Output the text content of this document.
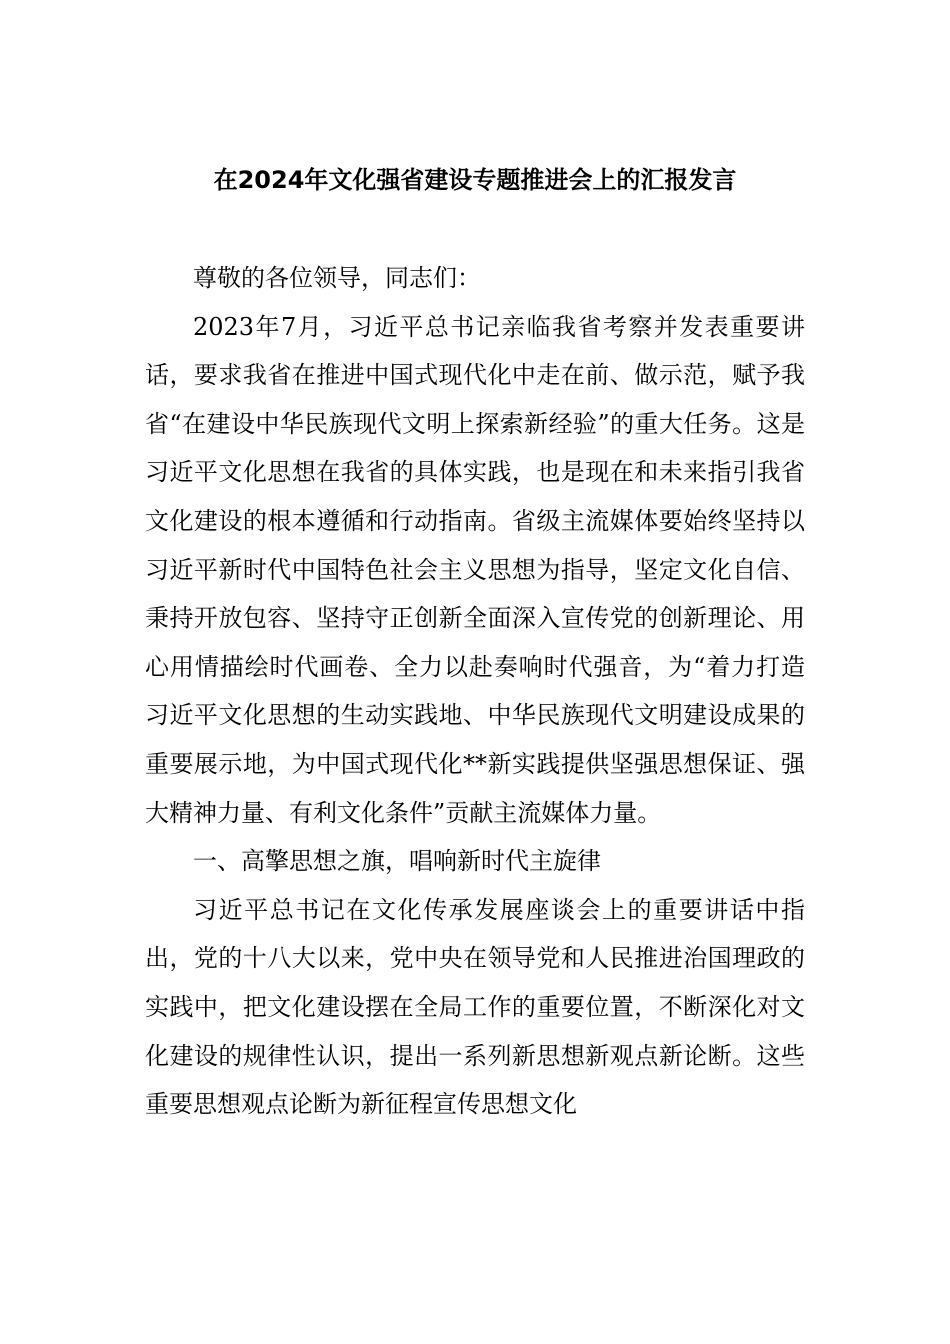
在2024年文化强省建设专题推进会上的汇报发言

尊敬的各位领导，同志们：

2023年7月，习近平总书记亲临我省考察并发表重要讲话，要求我省在推进中国式现代化中走在前、做示范，赋予我省“在建设中华民族现代文明上探索新经验”的重大任务。这是习近平文化思想在我省的具体实践，也是现在和未来指引我省文化建设的根本遵循和行动指南。省级主流媒体要始终坚持以习近平新时代中国特色社会主义思想为指导，坚定文化自信、秉持开放包容、坚持守正创新全面深入宣传党的创新理论、用心用情描绘时代画卷、全力以赴奏响时代强音，为“着力打造习近平文化思想的生动实践地、中华民族现代文明建设成果的重要展示地，为中国式现代化**新实践提供坚强思想保证、强大精神力量、有利文化条件”贡献主流媒体力量。

一、高擎思想之旗，唱响新时代主旋律

习近平总书记在文化传承发展座谈会上的重要讲话中指出，党的十八大以来，党中央在领导党和人民推进治国理政的实践中，把文化建设摆在全局工作的重要位置，不断深化对文化建设的规律性认识，提出一系列新思想新观点新论断。这些重要思想观点论断为新征程宣传思想文化
